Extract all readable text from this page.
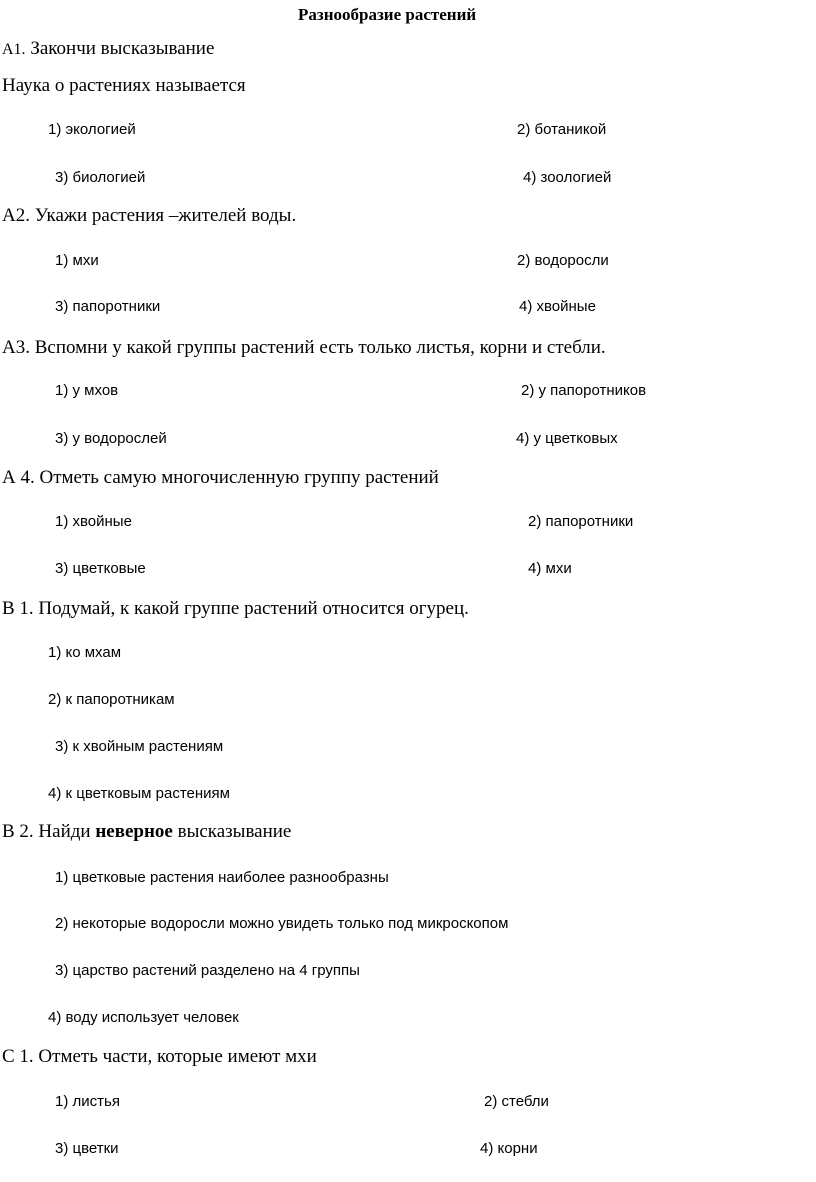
Разнообразие растений
А1. Закончи высказывание
Наука о растениях называется
1) экологией	2) ботаникой
3) биологией	4) зоологией
А2. Укажи растения –жителей воды.
1) мхи	2) водоросли
3) папоротники	4) хвойные
А3. Вспомни у какой группы растений есть только листья, корни и стебли.
1) у мхов	2) у папоротников
3) у водорослей	4) у цветковых
А 4. Отметь самую многочисленную группу растений
1) хвойные	2) папоротники
3) цветковые	4) мхи
В 1. Подумай, к какой группе растений относится огурец.
1) ко мхам
2) к папоротникам
3) к хвойным растениям
4) к цветковым растениям
В 2. Найди неверное высказывание
1) цветковые растения наиболее разнообразны
2) некоторые водоросли можно увидеть только под микроскопом
3) царство растений разделено на 4 группы
4) воду использует человек
С 1. Отметь части, которые имеют мхи
1) листья	2) стебли
3) цветки	4) корни
